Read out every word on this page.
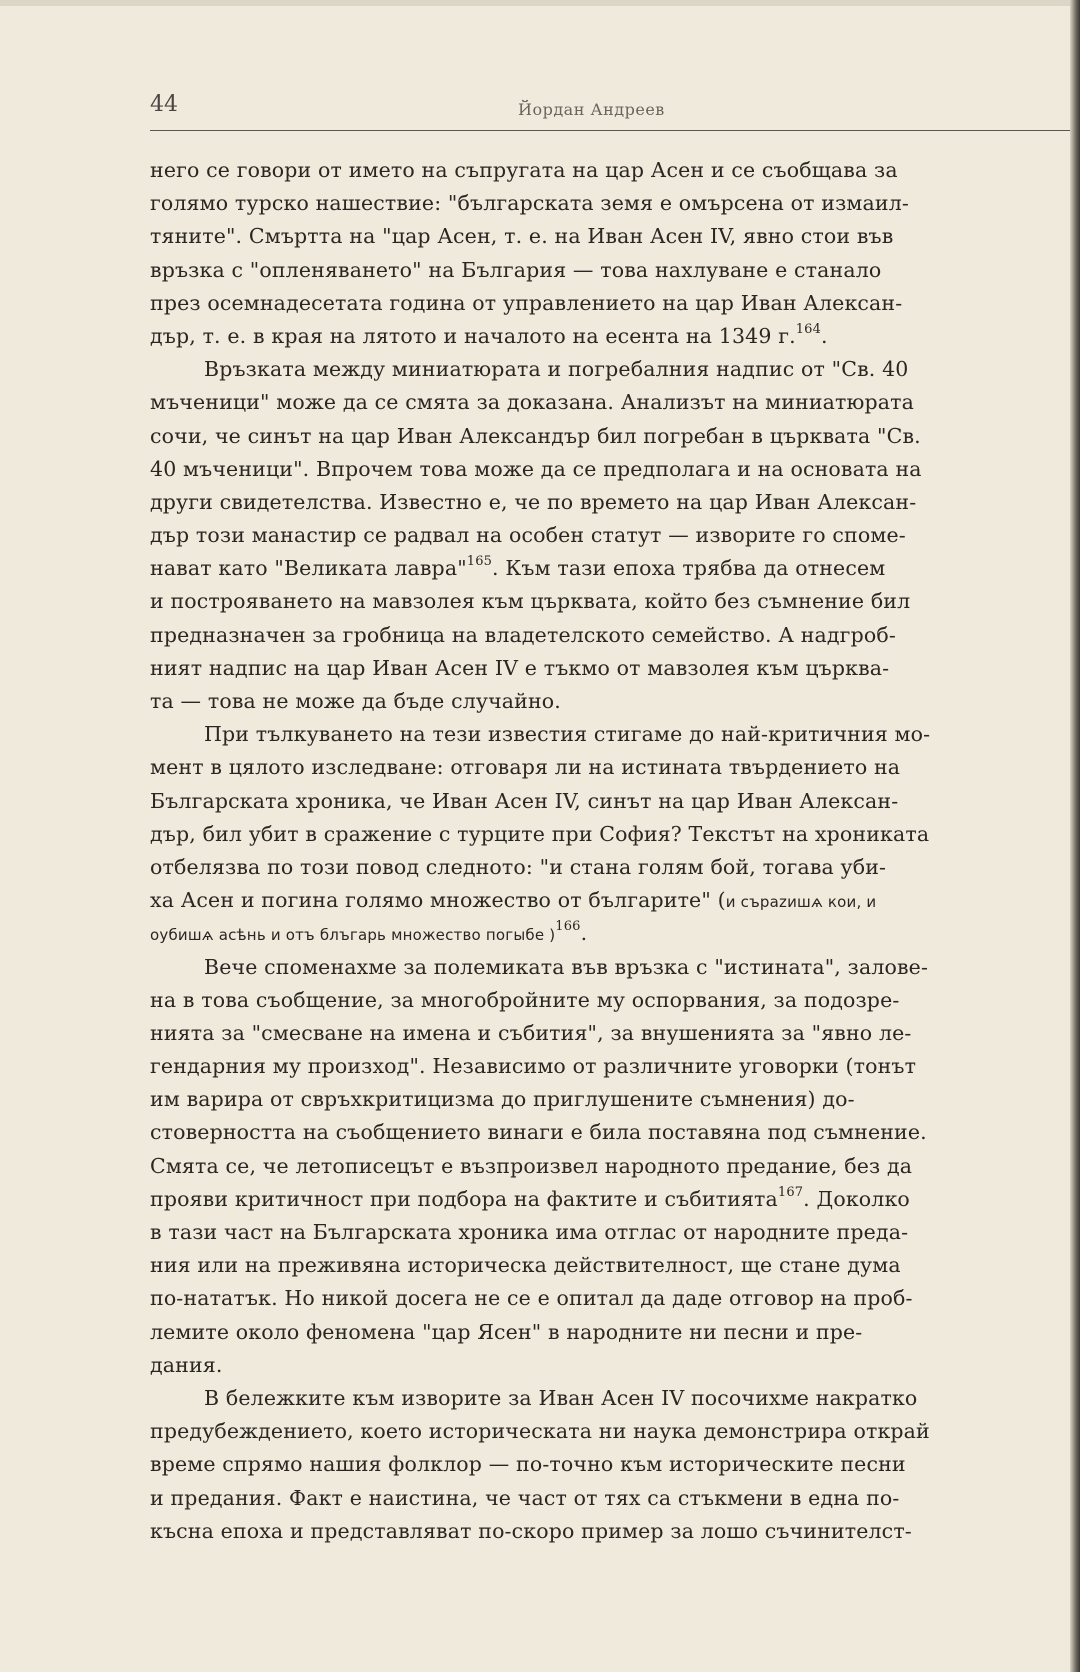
44	Йордан Андреев
него се говори от името на съпругата на цар Асен и се съобщава за
голямо турско нашествие: "българската земя е омърсена от измаил-
тяните". Смъртта на "цар Асен, т. е. на Иван Асен IV, явно стои във
връзка с "опленяването" на България — това нахлуване е станало
през осемнадесетата година от управлението на цар Иван Алексан-
дър, т. е. в края на лятото и началото на есента на 1349 г.$^{164}$.
Връзката между миниатюрата и погребалния надпис от "Св. 40
мъченици" може да се смята за доказана. Анализът на миниатюрата
сочи, че синът на цар Иван Александър бил погребан в църквата "Св.
40 мъченици". Впрочем това може да се предполага и на основата на
други свидетелства. Известно е, че по времето на цар Иван Алексан-
дър този манастир се радвал на особен статут — изворите го споме-
нават като "Великата лавра"$^{165}$. Към тази епоха трябва да отнесем
и построяването на мавзолея към църквата, който без съмнение бил
предназначен за гробница на владетелското семейство. А надгроб-
ният надпис на цар Иван Асен IV е тъкмо от мавзолея към църква-
та — това не може да бъде случайно.
При тълкуването на тези известия стигаме до най-критичния мо-
мент в цялото изследване: отговаря ли на истината твърдението на
Българската хроника, че Иван Асен IV, синът на цар Иван Алексан-
дър, бил убит в сражение с турците при София? Текстът на хрониката
отбелязва по този повод следното: "и стана голям бой, тогава уби-
ха Асен и погина голямо множество от българите" (и сърazишѧ кои, и
оубишѧ асѣнь и отъ блъгарь множество погыбе )$^{166}$.
Вече споменахме за полемиката във връзка с "истината", залове-
на в това съобщение, за многобройните му оспорвания, за подозре-
нията за "смесване на имена и събития", за внушенията за "явно ле-
гендарния му произход". Независимо от различните уговорки (тонът
им варира от свръхкритицизма до приглушените съмнения) до-
стоверността на съобщението винаги е била поставяна под съмнение.
Смята се, че летописецът е възпроизвел народното предание, без да
прояви критичност при подбора на фактите и събитията$^{167}$. Доколко
в тази част на Българската хроника има отглас от народните преда-
ния или на преживяна историческа действителност, ще стане дума
по-нататък. Но никой досега не се е опитал да даде отговор на проб-
лемите около феномена "цар Ясен" в народните ни песни и пре-
дания.
В бележките към изворите за Иван Асен IV посочихме накратко
предубеждението, което историческата ни наука демонстрира открай
време спрямо нашия фолклор — по-точно към историческите песни
и предания. Факт е наистина, че част от тях са стъкмени в една по-
късна епоха и представляват по-скоро пример за лошо съчинителст-
